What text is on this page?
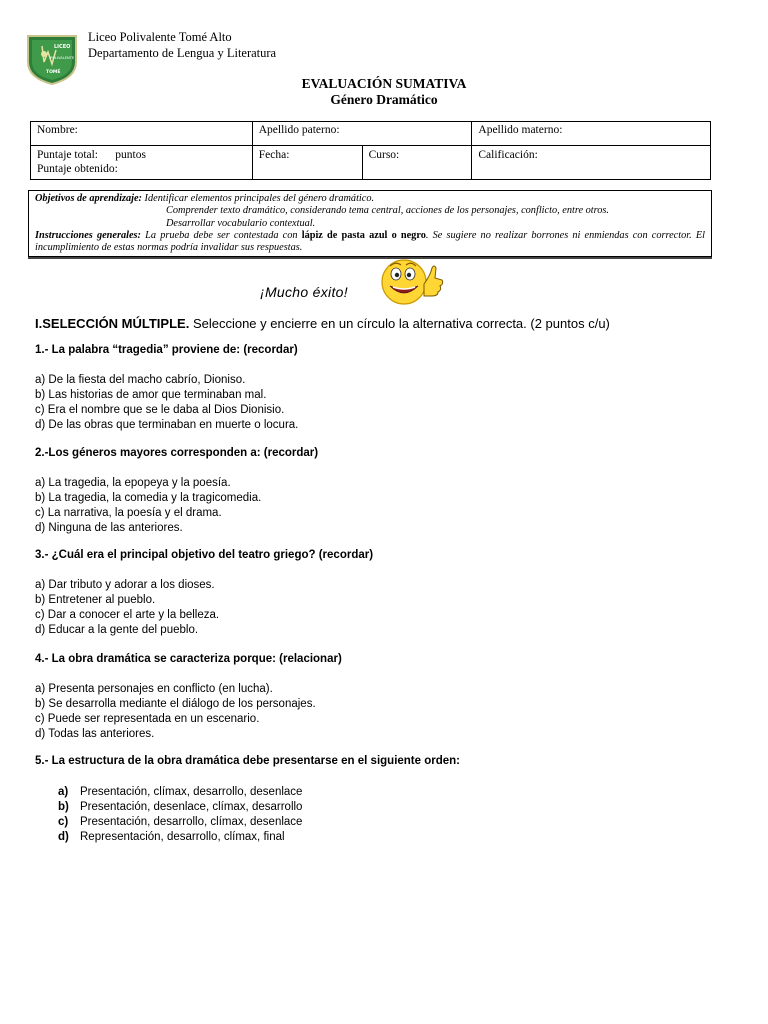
LICEO
POLIVALENTE
TOMÉ
Liceo Polivalente Tomé Alto
Departamento de Lengua y Literatura
EVALUACIÓN SUMATIVA
Género Dramático
Nombre:	Apellido paterno:		Apellido materno:

Puntaje total:      puntos
Puntaje obtenido:	Fecha:	Curso:	Calificación:
Objetivos de aprendizaje: Identificar elementos principales del género dramático.
Comprender texto dramático, considerando tema central, acciones de los personajes, conflicto, entre otros.
Desarrollar vocabulario contextual.
Instrucciones generales: La prueba debe ser contestada con lápiz de pasta azul o negro. Se sugiere no realizar borrones ni enmiendas con corrector. El incumplimiento de estas normas podría invalidar sus respuestas.
¡Mucho éxito!
I.SELECCIÓN MÚLTIPLE. Seleccione y encierre en un círculo la alternativa correcta. (2 puntos c/u)
1.- La palabra “tragedia” proviene de: (recordar)
a) De la fiesta del macho cabrío, Dioniso.
b) Las historias de amor que terminaban mal.
c) Era el nombre que se le daba al Dios Dionisio.
d) De las obras que terminaban en muerte o locura.
2.-Los géneros mayores corresponden a: (recordar)
a) La tragedia, la epopeya y la poesía.
b) La tragedia, la comedia y la tragicomedia.
c) La narrativa, la poesía y el drama.
d) Ninguna de las anteriores.
3.- ¿Cuál era el principal objetivo del teatro griego? (recordar)
a) Dar tributo y adorar a los dioses.
b) Entretener al pueblo.
c) Dar a conocer el arte y la belleza.
d) Educar a la gente del pueblo.
4.- La obra dramática se caracteriza porque: (relacionar)
a) Presenta personajes en conflicto (en lucha).
b) Se desarrolla mediante el diálogo de los personajes.
c) Puede ser representada en un escenario.
d) Todas las anteriores.
5.- La estructura de la obra dramática debe presentarse en el siguiente orden:
a)	Presentación, clímax, desarrollo, desenlace
b) Presentación, desenlace, clímax, desarrollo
c)	Presentación, desarrollo, clímax, desenlace
d) Representación, desarrollo, clímax, final
